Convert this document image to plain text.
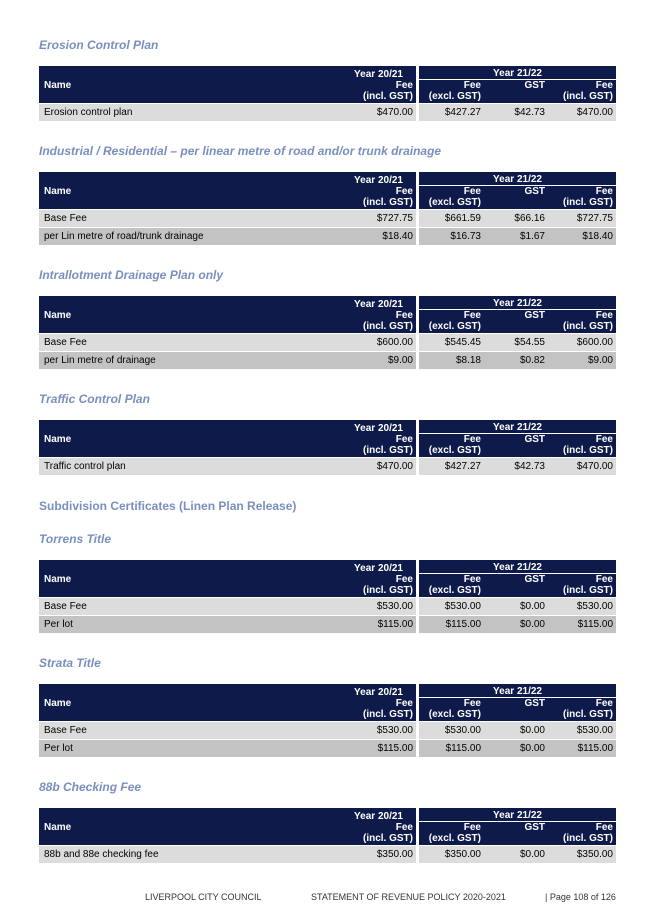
Erosion Control Plan
Industrial / Residential – per linear metre of road and/or trunk drainage
Intrallotment Drainage Plan only
Traffic Control Plan
Subdivision Certificates (Linen Plan Release)
Torrens Title
Strata Title
88b Checking Fee
Name	Year 20/21	Year 21/22		
	Fee	Fee	GST	Fee
	(incl. GST)	(excl. GST)		(incl. GST)
Erosion control plan	$470.00	$427.27	$42.73	$470.00
Name	Year 20/21	Year 21/22		
	Fee	Fee	GST	Fee
	(incl. GST)	(excl. GST)		(incl. GST)
Base Fee	$727.75	$661.59	$66.16	$727.75
per Lin metre of road/trunk drainage	$18.40	$16.73	$1.67	$18.40
Name	Year 20/21	Year 21/22		
	Fee	Fee	GST	Fee
	(incl. GST)	(excl. GST)		(incl. GST)
Base Fee	$600.00	$545.45	$54.55	$600.00
per Lin metre of drainage	$9.00	$8.18	$0.82	$9.00
Name	Year 20/21	Year 21/22		
	Fee	Fee	GST	Fee
	(incl. GST)	(excl. GST)		(incl. GST)
Traffic control plan	$470.00	$427.27	$42.73	$470.00
Name	Year 20/21	Year 21/22		
	Fee	Fee	GST	Fee
	(incl. GST)	(excl. GST)		(incl. GST)
Base Fee	$530.00	$530.00	$0.00	$530.00
Per lot	$115.00	$115.00	$0.00	$115.00
Name	Year 20/21	Year 21/22		
	Fee	Fee	GST	Fee
	(incl. GST)	(excl. GST)		(incl. GST)
Base Fee	$530.00	$530.00	$0.00	$530.00
Per lot	$115.00	$115.00	$0.00	$115.00
Name	Year 20/21	Year 21/22		
	Fee	Fee	GST	Fee
	(incl. GST)	(excl. GST)		(incl. GST)
88b and 88e checking fee	$350.00	$350.00	$0.00	$350.00
LIVERPOOL CITY COUNCIL	STATEMENT OF REVENUE POLICY 2020-2021	| Page 108 of 126
